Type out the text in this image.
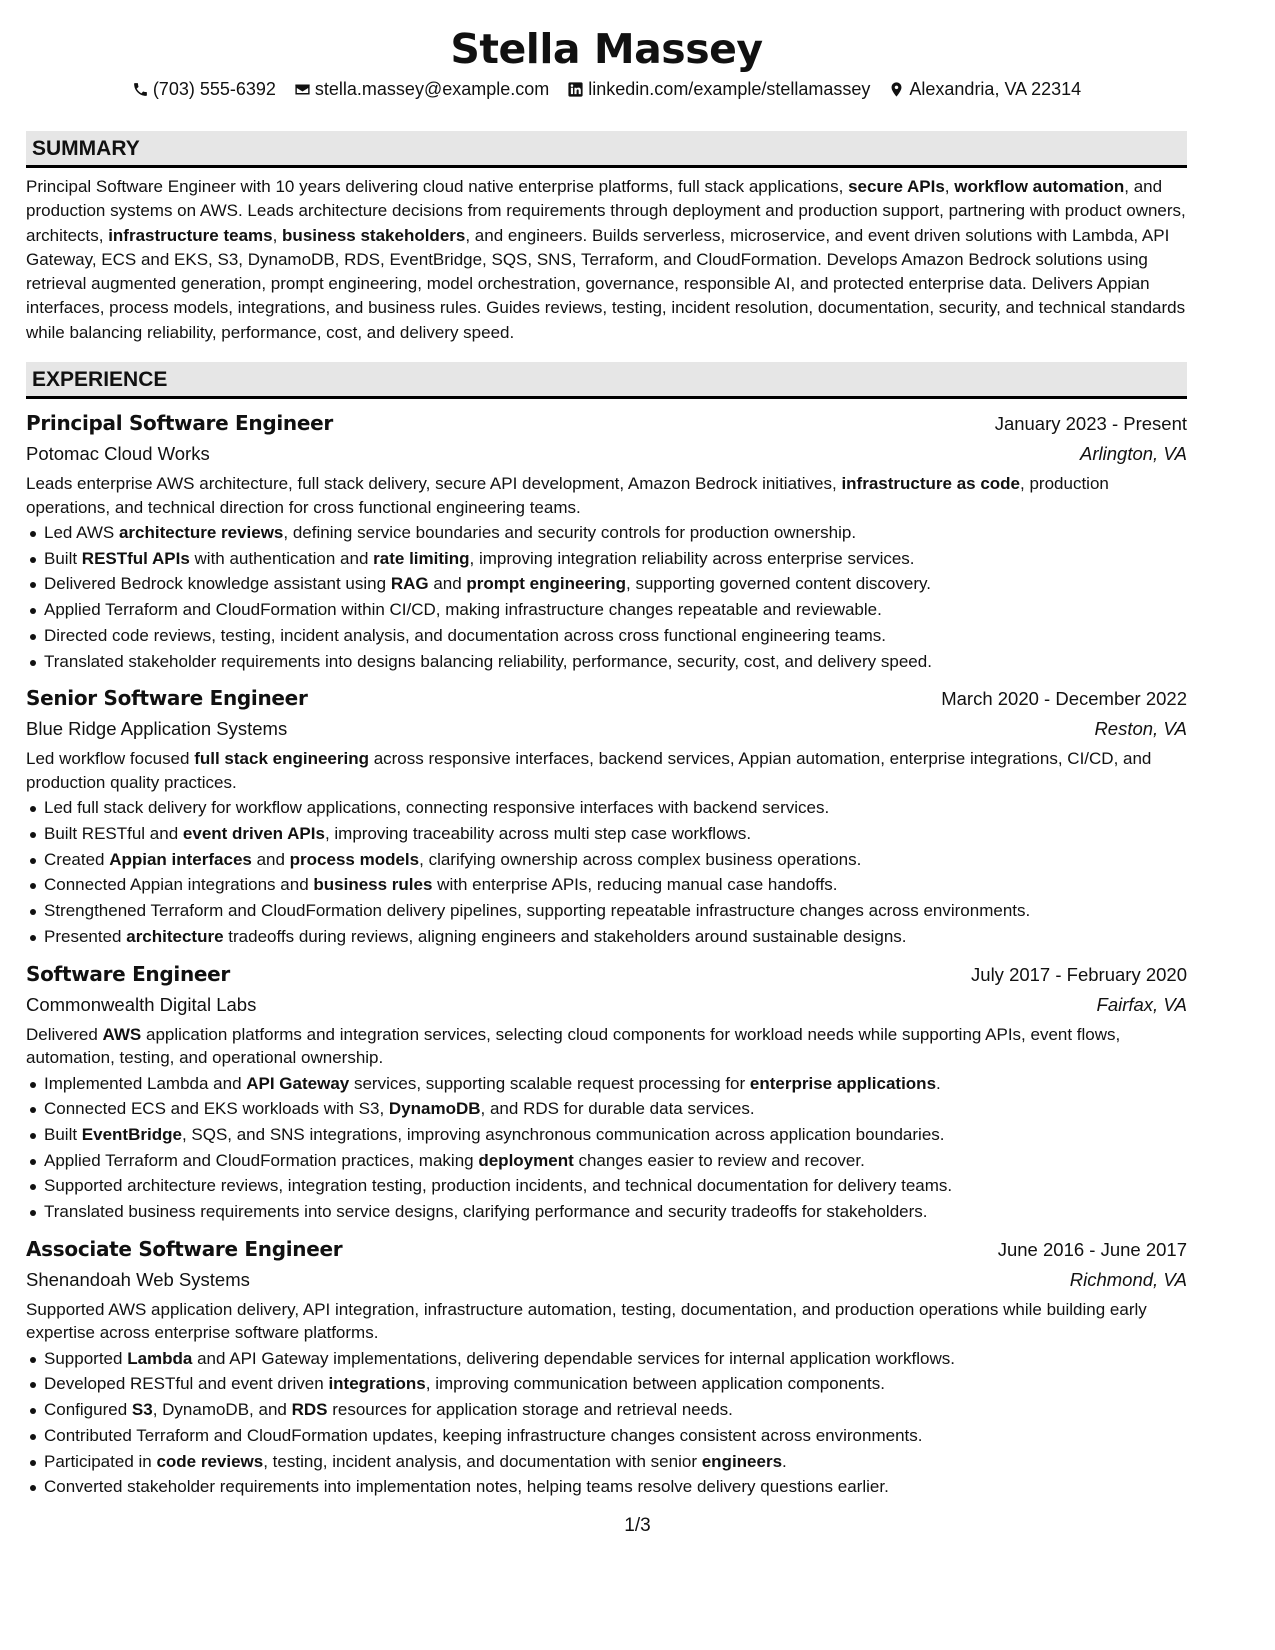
Stella Massey
(703) 555-6392 stella.massey@example.com linkedin.com/example/stellamassey Alexandria, VA 22314
SUMMARY

Principal Software Engineer with 10 years delivering cloud native enterprise platforms, full stack applications, secure APIs, workflow automation, and production systems on AWS. Leads architecture decisions from requirements through deployment and production support, partnering with product owners, architects, infrastructure teams, business stakeholders, and engineers. Builds serverless, microservice, and event driven solutions with Lambda, API Gateway, ECS and EKS, S3, DynamoDB, RDS, EventBridge, SQS, SNS, Terraform, and CloudFormation. Develops Amazon Bedrock solutions using retrieval augmented generation, prompt engineering, model orchestration, governance, responsible AI, and protected enterprise data. Delivers Appian interfaces, process models, integrations, and business rules. Guides reviews, testing, incident resolution, documentation, security, and technical standards while balancing reliability, performance, cost, and delivery speed.

EXPERIENCE
Principal Software Engineer	January 2023 - Present
Potomac Cloud Works	Arlington, VA

Leads enterprise AWS architecture, full stack delivery, secure API development, Amazon Bedrock initiatives, infrastructure as code, production operations, and technical direction for cross functional engineering teams.

Led AWS architecture reviews, defining service boundaries and security controls for production ownership.
Built RESTful APIs with authentication and rate limiting, improving integration reliability across enterprise services.
Delivered Bedrock knowledge assistant using RAG and prompt engineering, supporting governed content discovery.
Applied Terraform and CloudFormation within CI/CD, making infrastructure changes repeatable and reviewable.
Directed code reviews, testing, incident analysis, and documentation across cross functional engineering teams.
Translated stakeholder requirements into designs balancing reliability, performance, security, cost, and delivery speed.
Senior Software Engineer	March 2020 - December 2022
Blue Ridge Application Systems	Reston, VA

Led workflow focused full stack engineering across responsive interfaces, backend services, Appian automation, enterprise integrations, CI/CD, and production quality practices.

Led full stack delivery for workflow applications, connecting responsive interfaces with backend services.
Built RESTful and event driven APIs, improving traceability across multi step case workflows.
Created Appian interfaces and process models, clarifying ownership across complex business operations.
Connected Appian integrations and business rules with enterprise APIs, reducing manual case handoffs.
Strengthened Terraform and CloudFormation delivery pipelines, supporting repeatable infrastructure changes across environments.
Presented architecture tradeoffs during reviews, aligning engineers and stakeholders around sustainable designs.
Software Engineer	July 2017 - February 2020
Commonwealth Digital Labs	Fairfax, VA

Delivered AWS application platforms and integration services, selecting cloud components for workload needs while supporting APIs, event flows, automation, testing, and operational ownership.

Implemented Lambda and API Gateway services, supporting scalable request processing for enterprise applications.
Connected ECS and EKS workloads with S3, DynamoDB, and RDS for durable data services.
Built EventBridge, SQS, and SNS integrations, improving asynchronous communication across application boundaries.
Applied Terraform and CloudFormation practices, making deployment changes easier to review and recover.
Supported architecture reviews, integration testing, production incidents, and technical documentation for delivery teams.
Translated business requirements into service designs, clarifying performance and security tradeoffs for stakeholders.
Associate Software Engineer	June 2016 - June 2017
Shenandoah Web Systems	Richmond, VA

Supported AWS application delivery, API integration, infrastructure automation, testing, documentation, and production operations while building early expertise across enterprise software platforms.

Supported Lambda and API Gateway implementations, delivering dependable services for internal application workflows.
Developed RESTful and event driven integrations, improving communication between application components.
Configured S3, DynamoDB, and RDS resources for application storage and retrieval needs.
Contributed Terraform and CloudFormation updates, keeping infrastructure changes consistent across environments.
Participated in code reviews, testing, incident analysis, and documentation with senior engineers.
Converted stakeholder requirements into implementation notes, helping teams resolve delivery questions earlier.
1/3
